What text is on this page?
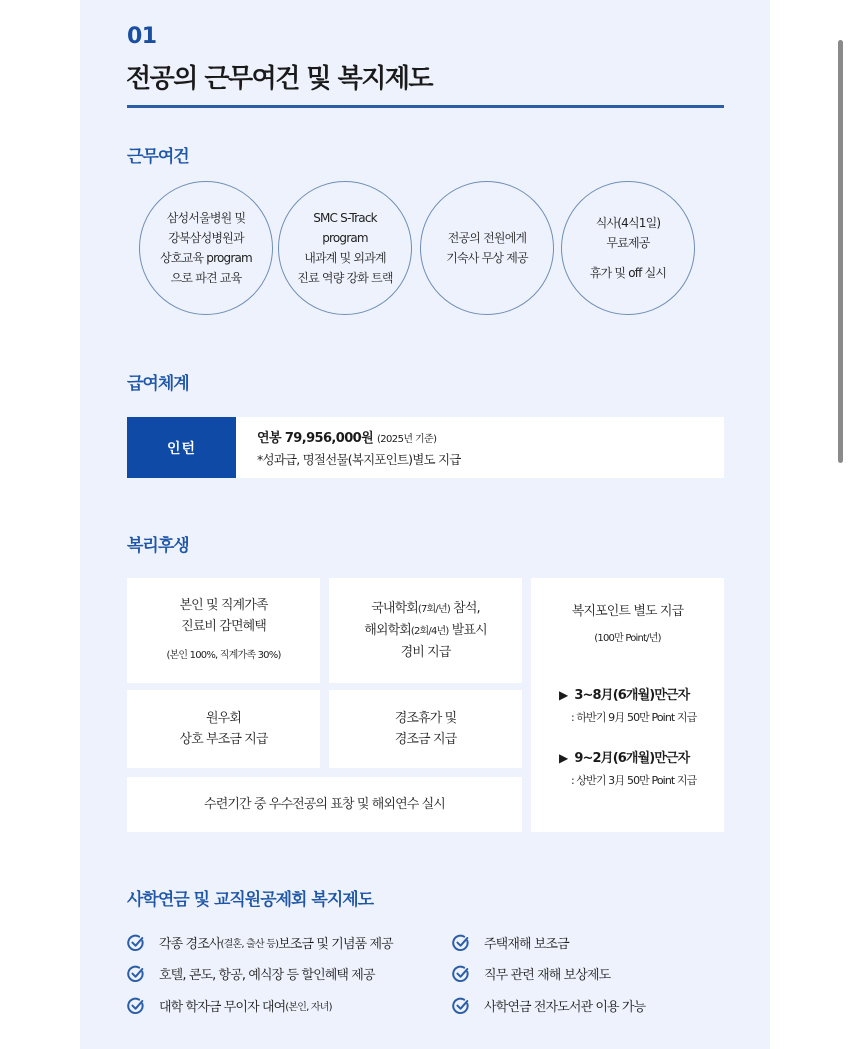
01
전공의 근무여건 및 복지제도
근무여건
삼성서울병원 및
강북삼성병원과
상호교육 program
으로 파견 교육
SMC S-Track
program
내과계 및 외과계
진료 역량 강화 트랙
전공의 전원에게
기숙사 무상 제공
식사(4식1일)
무료제공
휴가 및 off 실시
급여체계
인턴
연봉 79,956,000원 (2025년 기준)
*성과급, 명절선물(복지포인트)별도 지급
복리후생
본인 및 직계가족
진료비 감면혜택
(본인 100%, 직계가족 30%)
국내학회(7회/년) 참석,
해외학회(2회/4년) 발표시
경비 지급
원우회
상호 부조금 지급
경조휴가 및
경조금 지급
수련기간 중 우수전공의 표창 및 해외연수 실시
복지포인트 별도 지급
(100만 Point/년)
▶ 3~8月(6개월)만근자
: 하반기 9月 50만 Point 지급
▶ 9~2月(6개월)만근자
: 상반기 3月 50만 Point 지급
사학연금 및 교직원공제회 복지제도
각종 경조사 (결혼, 출산 등) 보조금 및 기념품 제공
호텔, 콘도, 항공, 예식장 등 할인혜택 제공
대학 학자금 무이자 대여 (본인, 자녀)
주택재해 보조금
직무 관련 재해 보상제도
사학연금 전자도서관 이용 가능
